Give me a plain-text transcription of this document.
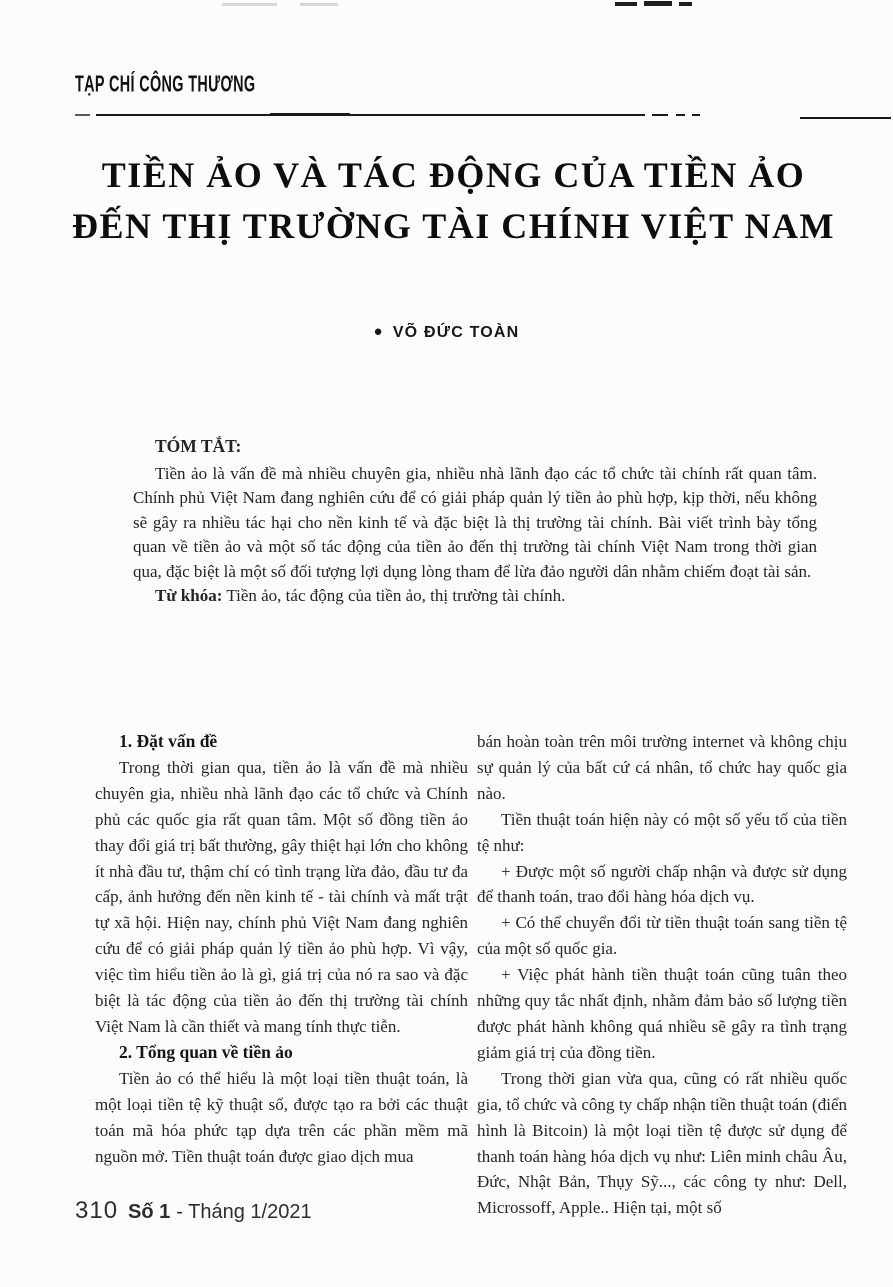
TẠP CHÍ CÔNG THƯƠNG
TIỀN ẢO VÀ TÁC ĐỘNG CỦA TIỀN ẢO
ĐẾN THỊ TRƯỜNG TÀI CHÍNH VIỆT NAM
● VÕ ĐỨC TOÀN
TÓM TẮT:

Tiền ảo là vấn đề mà nhiều chuyên gia, nhiều nhà lãnh đạo các tổ chức tài chính rất quan tâm. Chính phủ Việt Nam đang nghiên cứu để có giải pháp quản lý tiền ảo phù hợp, kịp thời, nếu không sẽ gây ra nhiều tác hại cho nền kinh tế và đặc biệt là thị trường tài chính. Bài viết trình bày tổng quan về tiền ảo và một số tác động của tiền ảo đến thị trường tài chính Việt Nam trong thời gian qua, đặc biệt là một số đối tượng lợi dụng lòng tham để lừa đảo người dân nhằm chiếm đoạt tài sản.

Từ khóa: Tiền ảo, tác động của tiền ảo, thị trường tài chính.

1. Đặt vấn đề

Trong thời gian qua, tiền ảo là vấn đề mà nhiều chuyên gia, nhiều nhà lãnh đạo các tổ chức và Chính phủ các quốc gia rất quan tâm. Một số đồng tiền ảo thay đổi giá trị bất thường, gây thiệt hại lớn cho không ít nhà đầu tư, thậm chí có tình trạng lừa đảo, đầu tư đa cấp, ảnh hưởng đến nền kinh tế - tài chính và mất trật tự xã hội. Hiện nay, chính phủ Việt Nam đang nghiên cứu để có giải pháp quản lý tiền ảo phù hợp. Vì vậy, việc tìm hiểu tiền ảo là gì, giá trị của nó ra sao và đặc biệt là tác động của tiền ảo đến thị trường tài chính Việt Nam là cần thiết và mang tính thực tiễn.

2. Tổng quan về tiền ảo

Tiền ảo có thể hiểu là một loại tiền thuật toán, là một loại tiền tệ kỹ thuật số, được tạo ra bởi các thuật toán mã hóa phức tạp dựa trên các phần mềm mã nguồn mở. Tiền thuật toán được giao dịch mua

bán hoàn toàn trên môi trường internet và không chịu sự quản lý của bất cứ cá nhân, tổ chức hay quốc gia nào.

Tiền thuật toán hiện này có một số yếu tố của tiền tệ như:

+ Được một số người chấp nhận và được sử dụng để thanh toán, trao đổi hàng hóa dịch vụ.

+ Có thể chuyển đổi từ tiền thuật toán sang tiền tệ của một số quốc gia.

+ Việc phát hành tiền thuật toán cũng tuân theo những quy tắc nhất định, nhằm đảm bảo số lượng tiền được phát hành không quá nhiều sẽ gây ra tình trạng giảm giá trị của đồng tiền.

Trong thời gian vừa qua, cũng có rất nhiều quốc gia, tổ chức và công ty chấp nhận tiền thuật toán (điển hình là Bitcoin) là một loại tiền tệ được sử dụng để thanh toán hàng hóa dịch vụ như: Liên minh châu Âu, Đức, Nhật Bản, Thụy Sỹ..., các công ty như: Dell, Microssoff, Apple.. Hiện tại, một số

310 Số 1 - Tháng 1/2021
